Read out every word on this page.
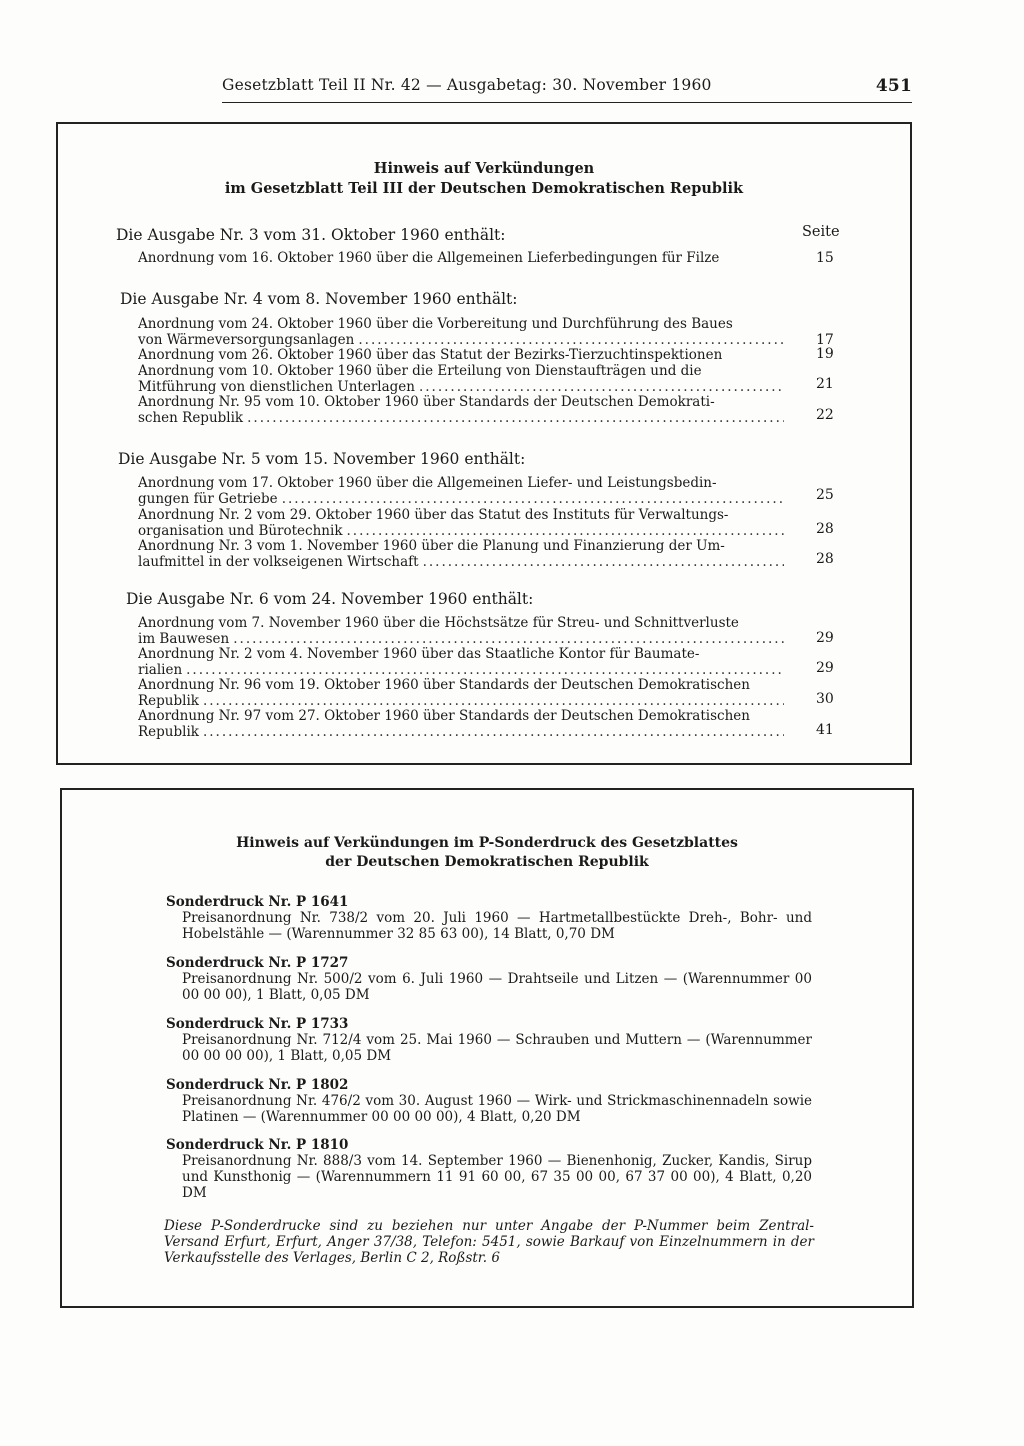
Gesetzblatt Teil II Nr. 42 — Ausgabetag: 30. November 1960	451
Hinweis auf Verkündungen
im Gesetzblatt Teil III der Deutschen Demokratischen Republik
Seite
Die Ausgabe Nr. 3 vom 31. Oktober 1960 enthält:
Anordnung vom 16. Oktober 1960 über die Allgemeinen Lieferbedingungen für Filze	15
Die Ausgabe Nr. 4 vom 8. November 1960 enthält:
Anordnung vom 24. Oktober 1960 über die Vorbereitung und Durchführung des Baues
von Wärmeversorgungsanlagen .....	17
Anordnung vom 26. Oktober 1960 über das Statut der Bezirks-Tierzuchtinspektionen	19
Anordnung vom 10. Oktober 1960 über die Erteilung von Dienstaufträgen und die
Mitführung von dienstlichen Unterlagen .....	21
Anordnung Nr. 95 vom 10. Oktober 1960 über Standards der Deutschen Demokrati-
schen Republik .....	22
Die Ausgabe Nr. 5 vom 15. November 1960 enthält:
Anordnung vom 17. Oktober 1960 über die Allgemeinen Liefer- und Leistungsbedin-
gungen für Getriebe .....	25
Anordnung Nr. 2 vom 29. Oktober 1960 über das Statut des Instituts für Verwaltungs-
organisation und Bürotechnik .....	28
Anordnung Nr. 3 vom 1. November 1960 über die Planung und Finanzierung der Um-
laufmittel in der volkseigenen Wirtschaft .....	28
Die Ausgabe Nr. 6 vom 24. November 1960 enthält:
Anordnung vom 7. November 1960 über die Höchstsätze für Streu- und Schnittverluste
im Bauwesen .....	29
Anordnung Nr. 2 vom 4. November 1960 über das Staatliche Kontor für Baumate-
rialien .....	29
Anordnung Nr. 96 vom 19. Oktober 1960 über Standards der Deutschen Demokratischen
Republik .....	30
Anordnung Nr. 97 vom 27. Oktober 1960 über Standards der Deutschen Demokratischen
Republik .....	41
Hinweis auf Verkündungen im P-Sonderdruck des Gesetzblattes
der Deutschen Demokratischen Republik
Sonderdruck Nr. P 1641
Preisanordnung Nr. 738/2 vom 20. Juli 1960 — Hartmetallbestückte Dreh-, Bohr- und Hobelstähle — (Warennummer 32 85 63 00), 14 Blatt, 0,70 DM
Sonderdruck Nr. P 1727
Preisanordnung Nr. 500/2 vom 6. Juli 1960 — Drahtseile und Litzen — (Warennummer 00 00 00 00), 1 Blatt, 0,05 DM
Sonderdruck Nr. P 1733
Preisanordnung Nr. 712/4 vom 25. Mai 1960 — Schrauben und Muttern — (Warennummer 00 00 00 00), 1 Blatt, 0,05 DM
Sonderdruck Nr. P 1802
Preisanordnung Nr. 476/2 vom 30. August 1960 — Wirk- und Strickmaschinennadeln sowie Platinen — (Warennummer 00 00 00 00), 4 Blatt, 0,20 DM
Sonderdruck Nr. P 1810
Preisanordnung Nr. 888/3 vom 14. September 1960 — Bienenhonig, Zucker, Kandis, Sirup und Kunsthonig — (Warennummern 11 91 60 00, 67 35 00 00, 67 37 00 00), 4 Blatt, 0,20 DM
Diese P-Sonderdrucke sind zu beziehen nur unter Angabe der P-Nummer beim Zentral-Versand Erfurt, Erfurt, Anger 37/38, Telefon: 5451, sowie Barkauf von Einzelnummern in der Verkaufsstelle des Verlages, Berlin C 2, Roßstr. 6
